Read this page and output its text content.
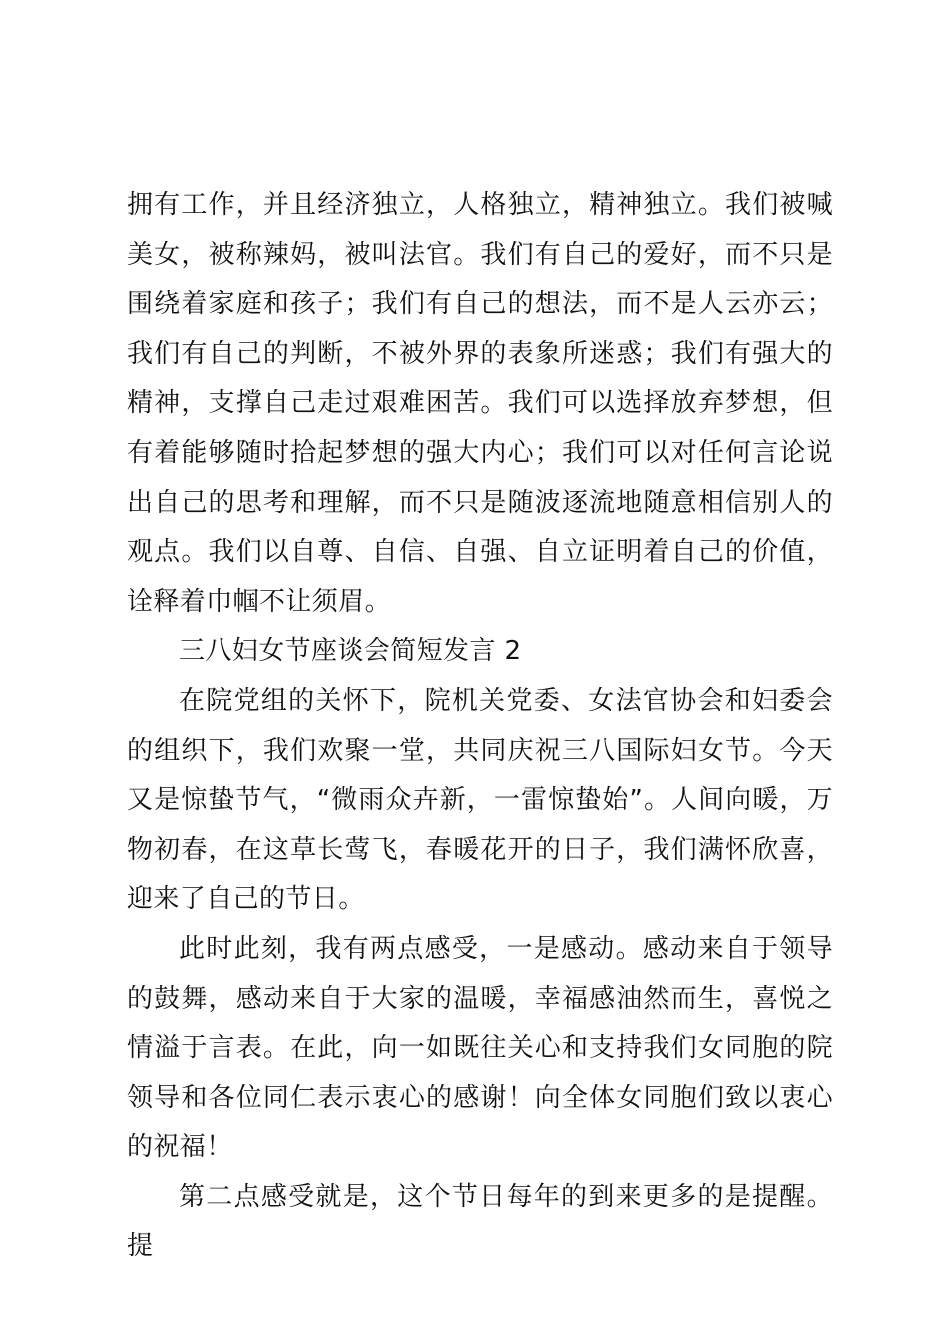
拥有工作，并且经济独立，人格独立，精神独立。我们被喊美女，被称辣妈，被叫法官。我们有自己的爱好，而不只是围绕着家庭和孩子；我们有自己的想法，而不是人云亦云；我们有自己的判断，不被外界的表象所迷惑；我们有强大的精神，支撑自己走过艰难困苦。我们可以选择放弃梦想，但有着能够随时拾起梦想的强大内心；我们可以对任何言论说出自己的思考和理解，而不只是随波逐流地随意相信别人的观点。我们以自尊、自信、自强、自立证明着自己的价值，诠释着巾帼不让须眉。

三八妇女节座谈会简短发言 2

在院党组的关怀下，院机关党委、女法官协会和妇委会的组织下，我们欢聚一堂，共同庆祝三八国际妇女节。今天又是惊蛰节气，“微雨众卉新，一雷惊蛰始”。人间向暖，万物初春，在这草长莺飞，春暖花开的日子，我们满怀欣喜，迎来了自己的节日。

此时此刻，我有两点感受，一是感动。感动来自于领导的鼓舞，感动来自于大家的温暖，幸福感油然而生，喜悦之情溢于言表。在此，向一如既往关心和支持我们女同胞的院领导和各位同仁表示衷心的感谢！向全体女同胞们致以衷心的祝福！

第二点感受就是，这个节日每年的到来更多的是提醒。提
